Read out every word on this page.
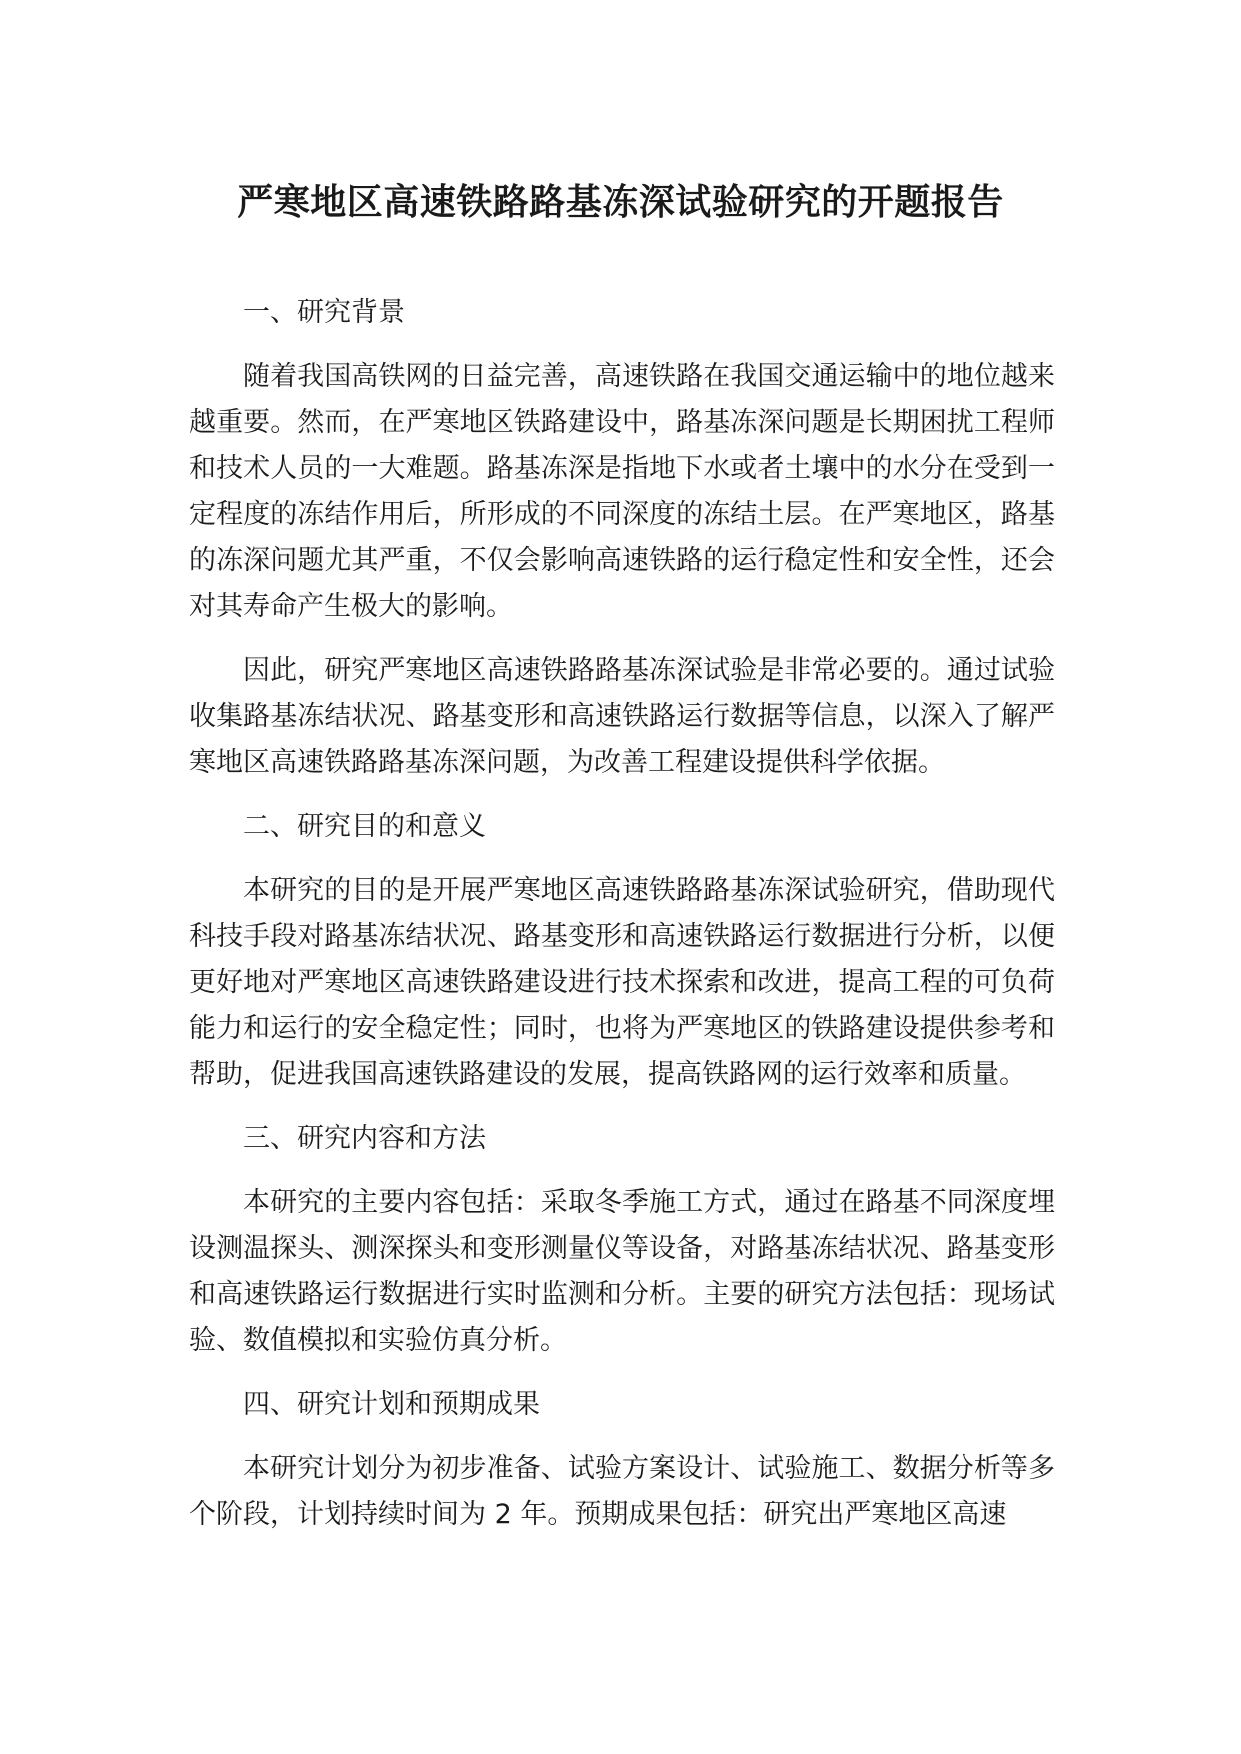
严寒地区高速铁路路基冻深试验研究的开题报告
一、研究背景

随着我国高铁网的日益完善，高速铁路在我国交通运输中的地位越来越重要。然而，在严寒地区铁路建设中，路基冻深问题是长期困扰工程师和技术人员的一大难题。路基冻深是指地下水或者土壤中的水分在受到一定程度的冻结作用后，所形成的不同深度的冻结土层。在严寒地区，路基的冻深问题尤其严重，不仅会影响高速铁路的运行稳定性和安全性，还会对其寿命产生极大的影响。

因此，研究严寒地区高速铁路路基冻深试验是非常必要的。通过试验收集路基冻结状况、路基变形和高速铁路运行数据等信息，以深入了解严寒地区高速铁路路基冻深问题，为改善工程建设提供科学依据。

二、研究目的和意义

本研究的目的是开展严寒地区高速铁路路基冻深试验研究，借助现代科技手段对路基冻结状况、路基变形和高速铁路运行数据进行分析，以便更好地对严寒地区高速铁路建设进行技术探索和改进，提高工程的可负荷能力和运行的安全稳定性；同时，也将为严寒地区的铁路建设提供参考和帮助，促进我国高速铁路建设的发展，提高铁路网的运行效率和质量。

三、研究内容和方法

本研究的主要内容包括：采取冬季施工方式，通过在路基不同深度埋设测温探头、测深探头和变形测量仪等设备，对路基冻结状况、路基变形和高速铁路运行数据进行实时监测和分析。主要的研究方法包括：现场试验、数值模拟和实验仿真分析。

四、研究计划和预期成果

本研究计划分为初步准备、试验方案设计、试验施工、数据分析等多个阶段，计划持续时间为 2 年。预期成果包括：研究出严寒地区高速
